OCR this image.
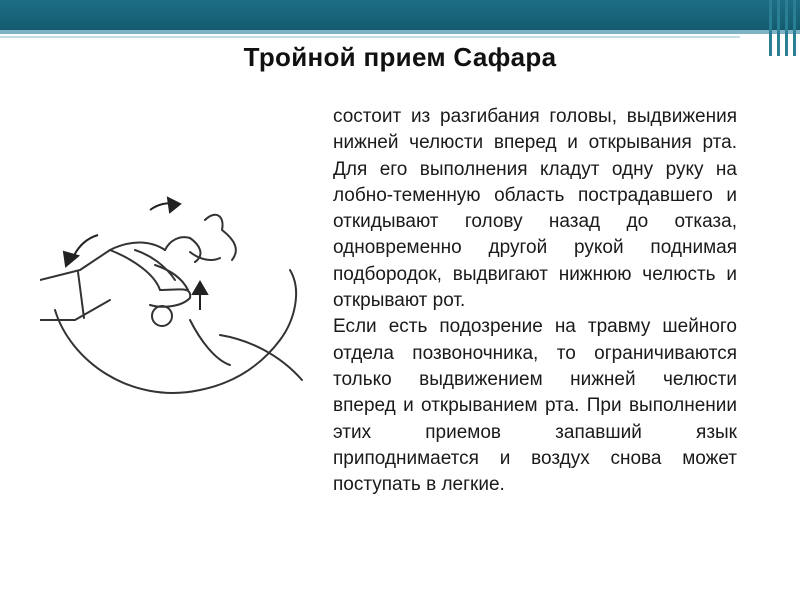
Тройной прием Сафара

состоит из разгибания головы, выдвижения нижней челюсти вперед и открывания рта. Для его выполнения кладут одну руку на лобно-теменную область пострадавшего и откидывают голову назад до отказа, одновременно другой рукой поднимая подбородок, выдвигают нижнюю челюсть и открывают рот.

Если есть подозрение на травму шейного отдела позвоночника, то ограничиваются только выдвижением нижней челюсти вперед и открыванием рта. При выполнении этих приемов запавший язык приподнимается и воздух снова может поступать в легкие.
